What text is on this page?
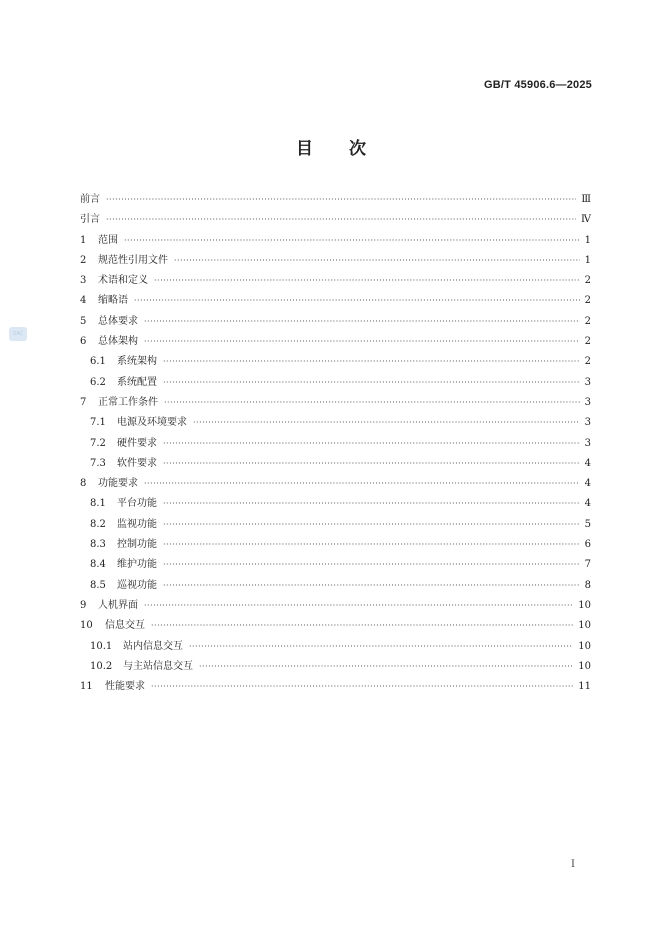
GB/T 45906.6—2025
目 次
SAC
前言 ·····	Ⅲ
引言 ·····	Ⅳ
1	范围 ·····	1
2	规范性引用文件 ·····	1
3	术语和定义 ·····	2
4	缩略语 ·····	2
5	总体要求 ·····	2
6	总体架构 ·····	2
6.1	系统架构 ·····	2
6.2	系统配置 ·····	3
7	正常工作条件 ·····	3
7.1	电源及环境要求 ·····	3
7.2	硬件要求 ·····	3
7.3	软件要求 ·····	4
8	功能要求 ·····	4
8.1	平台功能 ·····	4
8.2	监视功能 ·····	5
8.3	控制功能 ·····	6
8.4	维护功能 ·····	7
8.5	巡视功能 ·····	8
9	人机界面 ·····	10
10	信息交互 ·····	10
10.1	站内信息交互 ·····	10
10.2	与主站信息交互 ·····	10
11	性能要求 ·····	11
Ⅰ
